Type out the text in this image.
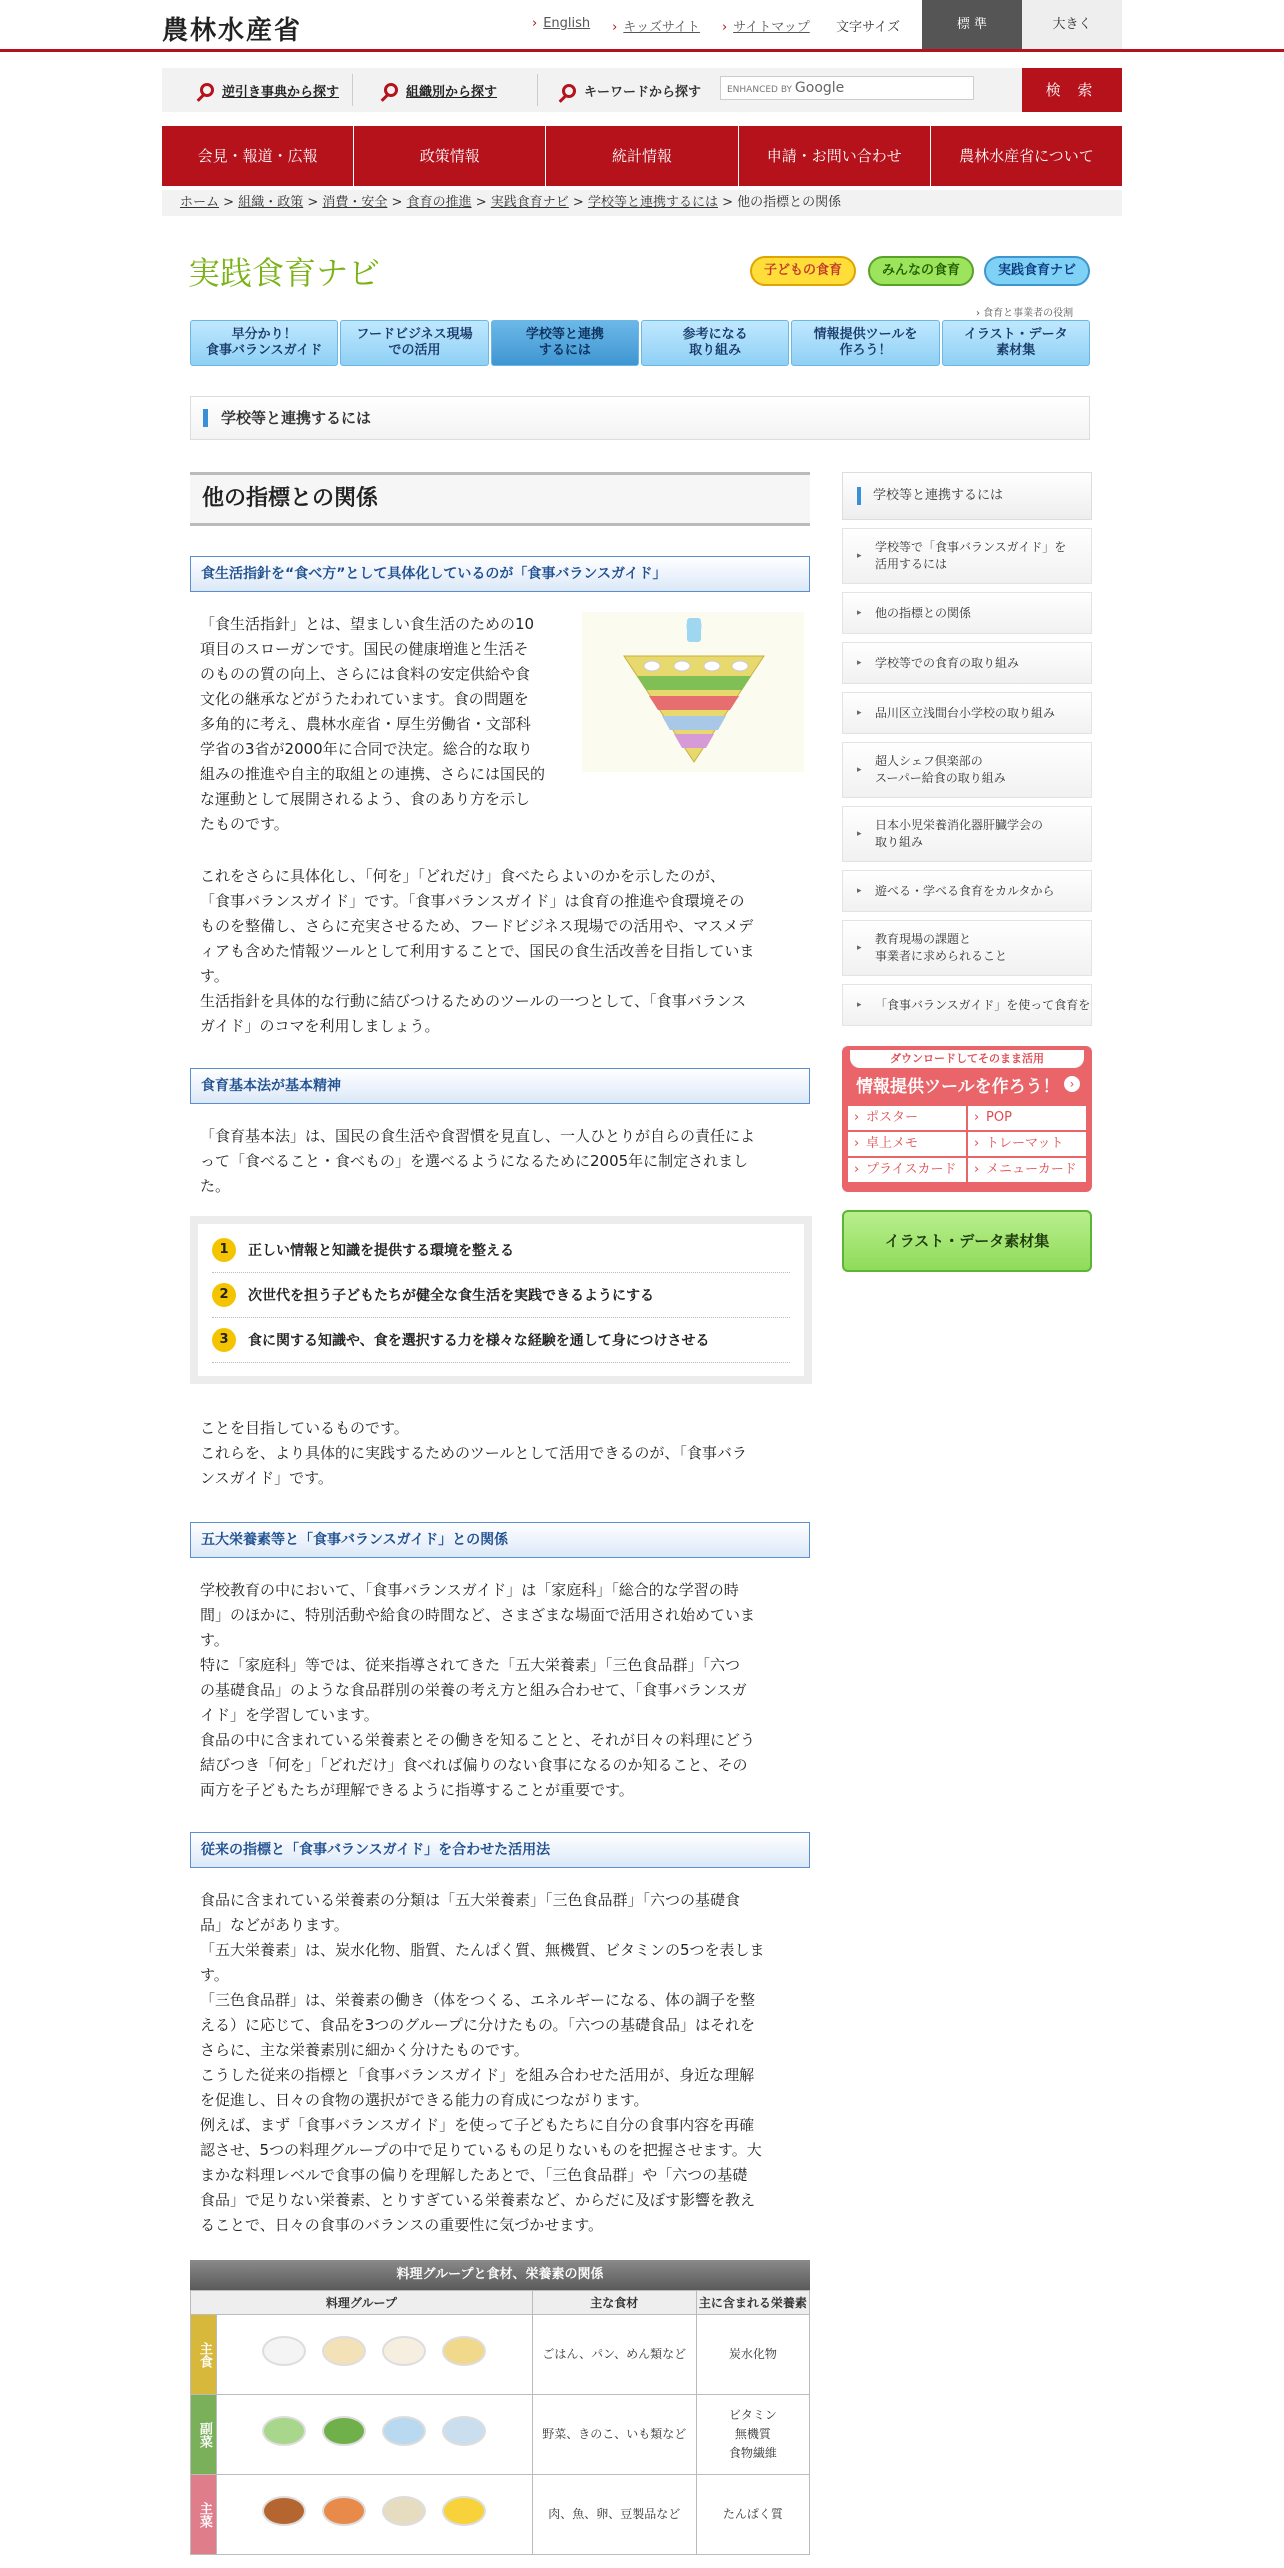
農林水産省	› English	› キッズサイト	› サイトマップ 文字サイズ	標 準	大きく
逆引き事典から探す	組織別から探す	キーワードから探す	ENHANCED BY Google	検 索
会見・報道・広報	政策情報	統計情報	申請・お問い合わせ	農林水産省について
ホーム > 組織・政策 > 消費・安全 > 食育の推進 > 実践食育ナビ > 学校等と連携するには > 他の指標との関係
実践食育ナビ	子どもの食育	みんなの食育	実践食育ナビ
› 食育と事業者の役割
早分かり！
食事バランスガイド
フードビジネス現場
での活用
学校等と連携
するには
参考になる
取り組み
情報提供ツールを
作ろう！
イラスト・データ
素材集
学校等と連携するには
他の指標との関係
食生活指針を“食べ方”として具体化しているのが「食事バランスガイド」
「食生活指針」とは、望ましい食生活のための10
項目のスローガンです。国民の健康増進と生活そ
のものの質の向上、さらには食料の安定供給や食
文化の継承などがうたわれています。食の問題を
多角的に考え、農林水産省・厚生労働省・文部科
学省の3省が2000年に合同で決定。総合的な取り
組みの推進や自主的取組との連携、さらには国民的
な運動として展開されるよう、食のあり方を示し
たものです。
これをさらに具体化し、「何を」「どれだけ」食べたらよいのかを示したのが、
「食事バランスガイド」です。「食事バランスガイド」は食育の推進や食環境その
ものを整備し、さらに充実させるため、フードビジネス現場での活用や、マスメデ
ィアも含めた情報ツールとして利用することで、国民の食生活改善を目指していま
す。
生活指針を具体的な行動に結びつけるためのツールの一つとして、「食事バランス
ガイド」のコマを利用しましょう。
食育基本法が基本精神
「食育基本法」は、国民の食生活や食習慣を見直し、一人ひとりが自らの責任によ
って「食べること・食べもの」を選べるようになるために2005年に制定されまし
た。
1	正しい情報と知識を提供する環境を整える
2	次世代を担う子どもたちが健全な食生活を実践できるようにする
3	食に関する知識や、食を選択する力を様々な経験を通して身につけさせる
ことを目指しているものです。
これらを、より具体的に実践するためのツールとして活用できるのが、「食事バラ
ンスガイド」です。
五大栄養素等と「食事バランスガイド」との関係
学校教育の中において、「食事バランスガイド」は「家庭科」「総合的な学習の時
間」のほかに、特別活動や給食の時間など、さまざまな場面で活用され始めていま
す。
特に「家庭科」等では、従来指導されてきた「五大栄養素」「三色食品群」「六つ
の基礎食品」のような食品群別の栄養の考え方と組み合わせて、「食事バランスガ
イド」を学習しています。
食品の中に含まれている栄養素とその働きを知ることと、それが日々の料理にどう
結びつき「何を」「どれだけ」食べれば偏りのない食事になるのか知ること、その
両方を子どもたちが理解できるように指導することが重要です。
従来の指標と「食事バランスガイド」を合わせた活用法
食品に含まれている栄養素の分類は「五大栄養素」「三色食品群」「六つの基礎食
品」などがあります。
「五大栄養素」は、炭水化物、脂質、たんぱく質、無機質、ビタミンの5つを表しま
す。
「三色食品群」は、栄養素の働き（体をつくる、エネルギーになる、体の調子を整
える）に応じて、食品を3つのグループに分けたもの。「六つの基礎食品」はそれを
さらに、主な栄養素別に細かく分けたものです。
こうした従来の指標と「食事バランスガイド」を組み合わせた活用が、身近な理解
を促進し、日々の食物の選択ができる能力の育成につながります。
例えば、まず「食事バランスガイド」を使って子どもたちに自分の食事内容を再確
認させ、5つの料理グループの中で足りているもの足りないものを把握させます。大
まかな料理レベルで食事の偏りを理解したあとで、「三色食品群」や「六つの基礎
食品」で足りない栄養素、とりすぎている栄養素など、からだに及ぼす影響を教え
ることで、日々の食事のバランスの重要性に気づかせます。
料理グループと食材、栄養素の関係
料理グループ		主な食材	主に含まれる栄養素
主食		ごはん、パン、めん類など	炭水化物
副菜		野菜、きのこ、いも類など	ビタミン
無機質
食物繊維
主菜		肉、魚、卵、豆製品など	たんぱく質
学校等と連携するには
▸ 学校等で「食事バランスガイド」を
活用するには
▸ 他の指標との関係
▸ 学校等での食育の取り組み
▸ 品川区立浅間台小学校の取り組み
▸ 超人シェフ倶楽部の
スーパー給食の取り組み
▸ 日本小児栄養消化器肝臓学会の
取り組み
▸ 遊べる・学べる食育をカルタから
▸ 教育現場の課題と
事業者に求められること
▸ 「食事バランスガイド」を使って食育を
ダウンロードしてそのまま活用
情報提供ツールを作ろう！ ›
› ポスター	› POP
› 卓上メモ	› トレーマット
› プライスカード	› メニューカード
イラスト・データ素材集
